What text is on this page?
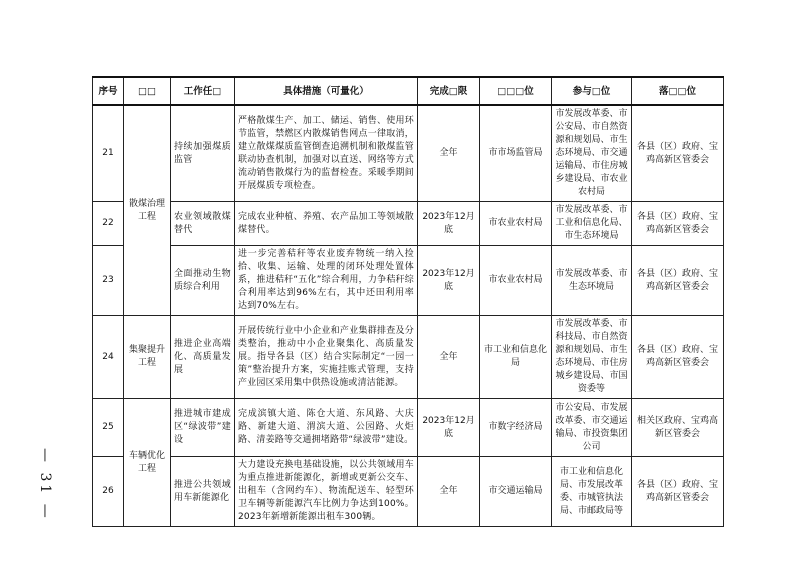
— 31 —
序号	□□	工作任□	具体措施（可量化）	完成□限	□□□位	参与□位	落□□位
21	散煤治理工程	持续加强煤质监管	严格散煤生产、加工、储运、销售、使用环节监管，禁燃区内散煤销售网点一律取消，建立散煤煤质监管倒查追溯机制和散煤监管联动协查机制，加强对以直送、网络等方式流动销售散煤行为的监督检查。采暖季期间开展煤质专项检查。	全年	市市场监管局	市发展改革委、市公安局、市自然资源和规划局、市生态环境局、市交通运输局、市住房城乡建设局、市农业农村局	各县（区）政府、宝鸡高新区管委会
22		农业领域散煤替代	完成农业种植、养殖、农产品加工等领域散煤替代。	2023年12月底	市农业农村局	市发展改革委、市工业和信息化局、市生态环境局	各县（区）政府、宝鸡高新区管委会
23		全面推动生物质综合利用	进一步完善秸秆等农业废弃物统一纳入捡拾、收集、运输、处理的闭环处理处置体系，推进秸秆“五化”综合利用，力争秸秆综合利用率达到96%左右，其中还田利用率达到70%左右。	2023年12月底	市农业农村局	市发展改革委、市生态环境局	各县（区）政府、宝鸡高新区管委会
24	集聚提升工程	推进企业高端化、高质量发展	开展传统行业中小企业和产业集群排查及分类整治，推动中小企业聚集化、高质量发展。指导各县（区）结合实际制定“一园一策”整治提升方案，实施挂账式管理，支持产业园区采用集中供热设施或清洁能源。	全年	市工业和信息化局	市发展改革委、市科技局、市自然资源和规划局、市生态环境局、市住房城乡建设局、市国资委等	各县（区）政府、宝鸡高新区管委会
25	车辆优化工程	推进城市建成区“绿波带”建设	完成滨镇大道、陈仓大道、东风路、大庆路、新建大道、渭滨大道、公园路、火炬路、清姜路等交通拥堵路带“绿波带”建设。	2023年12月底	市数字经济局	市公安局、市发展改革委、市交通运输局、市投资集团公司	相关区政府、宝鸡高新区管委会
26		推进公共领域用车新能源化	大力建设充换电基础设施，以公共领域用车为重点推进新能源化，新增或更新公交车、出租车（含网约车）、物流配送车、轻型环卫车辆等新能源汽车比例力争达到100%。2023年新增新能源出租车300辆。	全年	市交通运输局	市工业和信息化局、市发展改革委、市城管执法局、市邮政局等	各县（区）政府、宝鸡高新区管委会
